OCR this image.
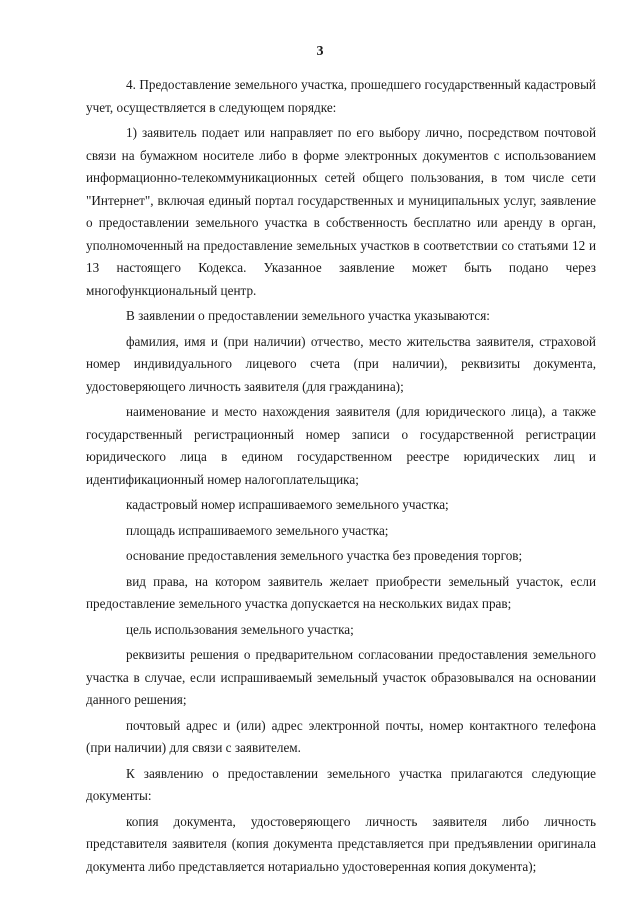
3

4. Предоставление земельного участка, прошедшего государственный кадастровый учет, осуществляется в следующем порядке:

1) заявитель подает или направляет по его выбору лично, посредством почтовой связи на бумажном носителе либо в форме электронных документов с использованием информационно-телекоммуникационных сетей общего пользования, в том числе сети "Интернет", включая единый портал государственных и муниципальных услуг, заявление о предоставлении земельного участка в собственность бесплатно или аренду в орган, уполномоченный на предоставление земельных участков в соответствии со статьями 12 и 13 настоящего Кодекса. Указанное заявление может быть подано через многофункциональный центр.

В заявлении о предоставлении земельного участка указываются:

фамилия, имя и (при наличии) отчество, место жительства заявителя, страховой номер индивидуального лицевого счета (при наличии), реквизиты документа, удостоверяющего личность заявителя (для гражданина);

наименование и место нахождения заявителя (для юридического лица), а также государственный регистрационный номер записи о государственной регистрации юридического лица в едином государственном реестре юридических лиц и идентификационный номер налогоплательщика;

кадастровый номер испрашиваемого земельного участка;

площадь испрашиваемого земельного участка;

основание предоставления земельного участка без проведения торгов;

вид права, на котором заявитель желает приобрести земельный участок, если предоставление земельного участка допускается на нескольких видах прав;

цель использования земельного участка;

реквизиты решения о предварительном согласовании предоставления земельного участка в случае, если испрашиваемый земельный участок образовывался на основании данного решения;

почтовый адрес и (или) адрес электронной почты, номер контактного телефона (при наличии) для связи с заявителем.

К заявлению о предоставлении земельного участка прилагаются следующие документы:

копия документа, удостоверяющего личность заявителя либо личность представителя заявителя (копия документа представляется при предъявлении оригинала документа либо представляется нотариально удостоверенная копия документа);
